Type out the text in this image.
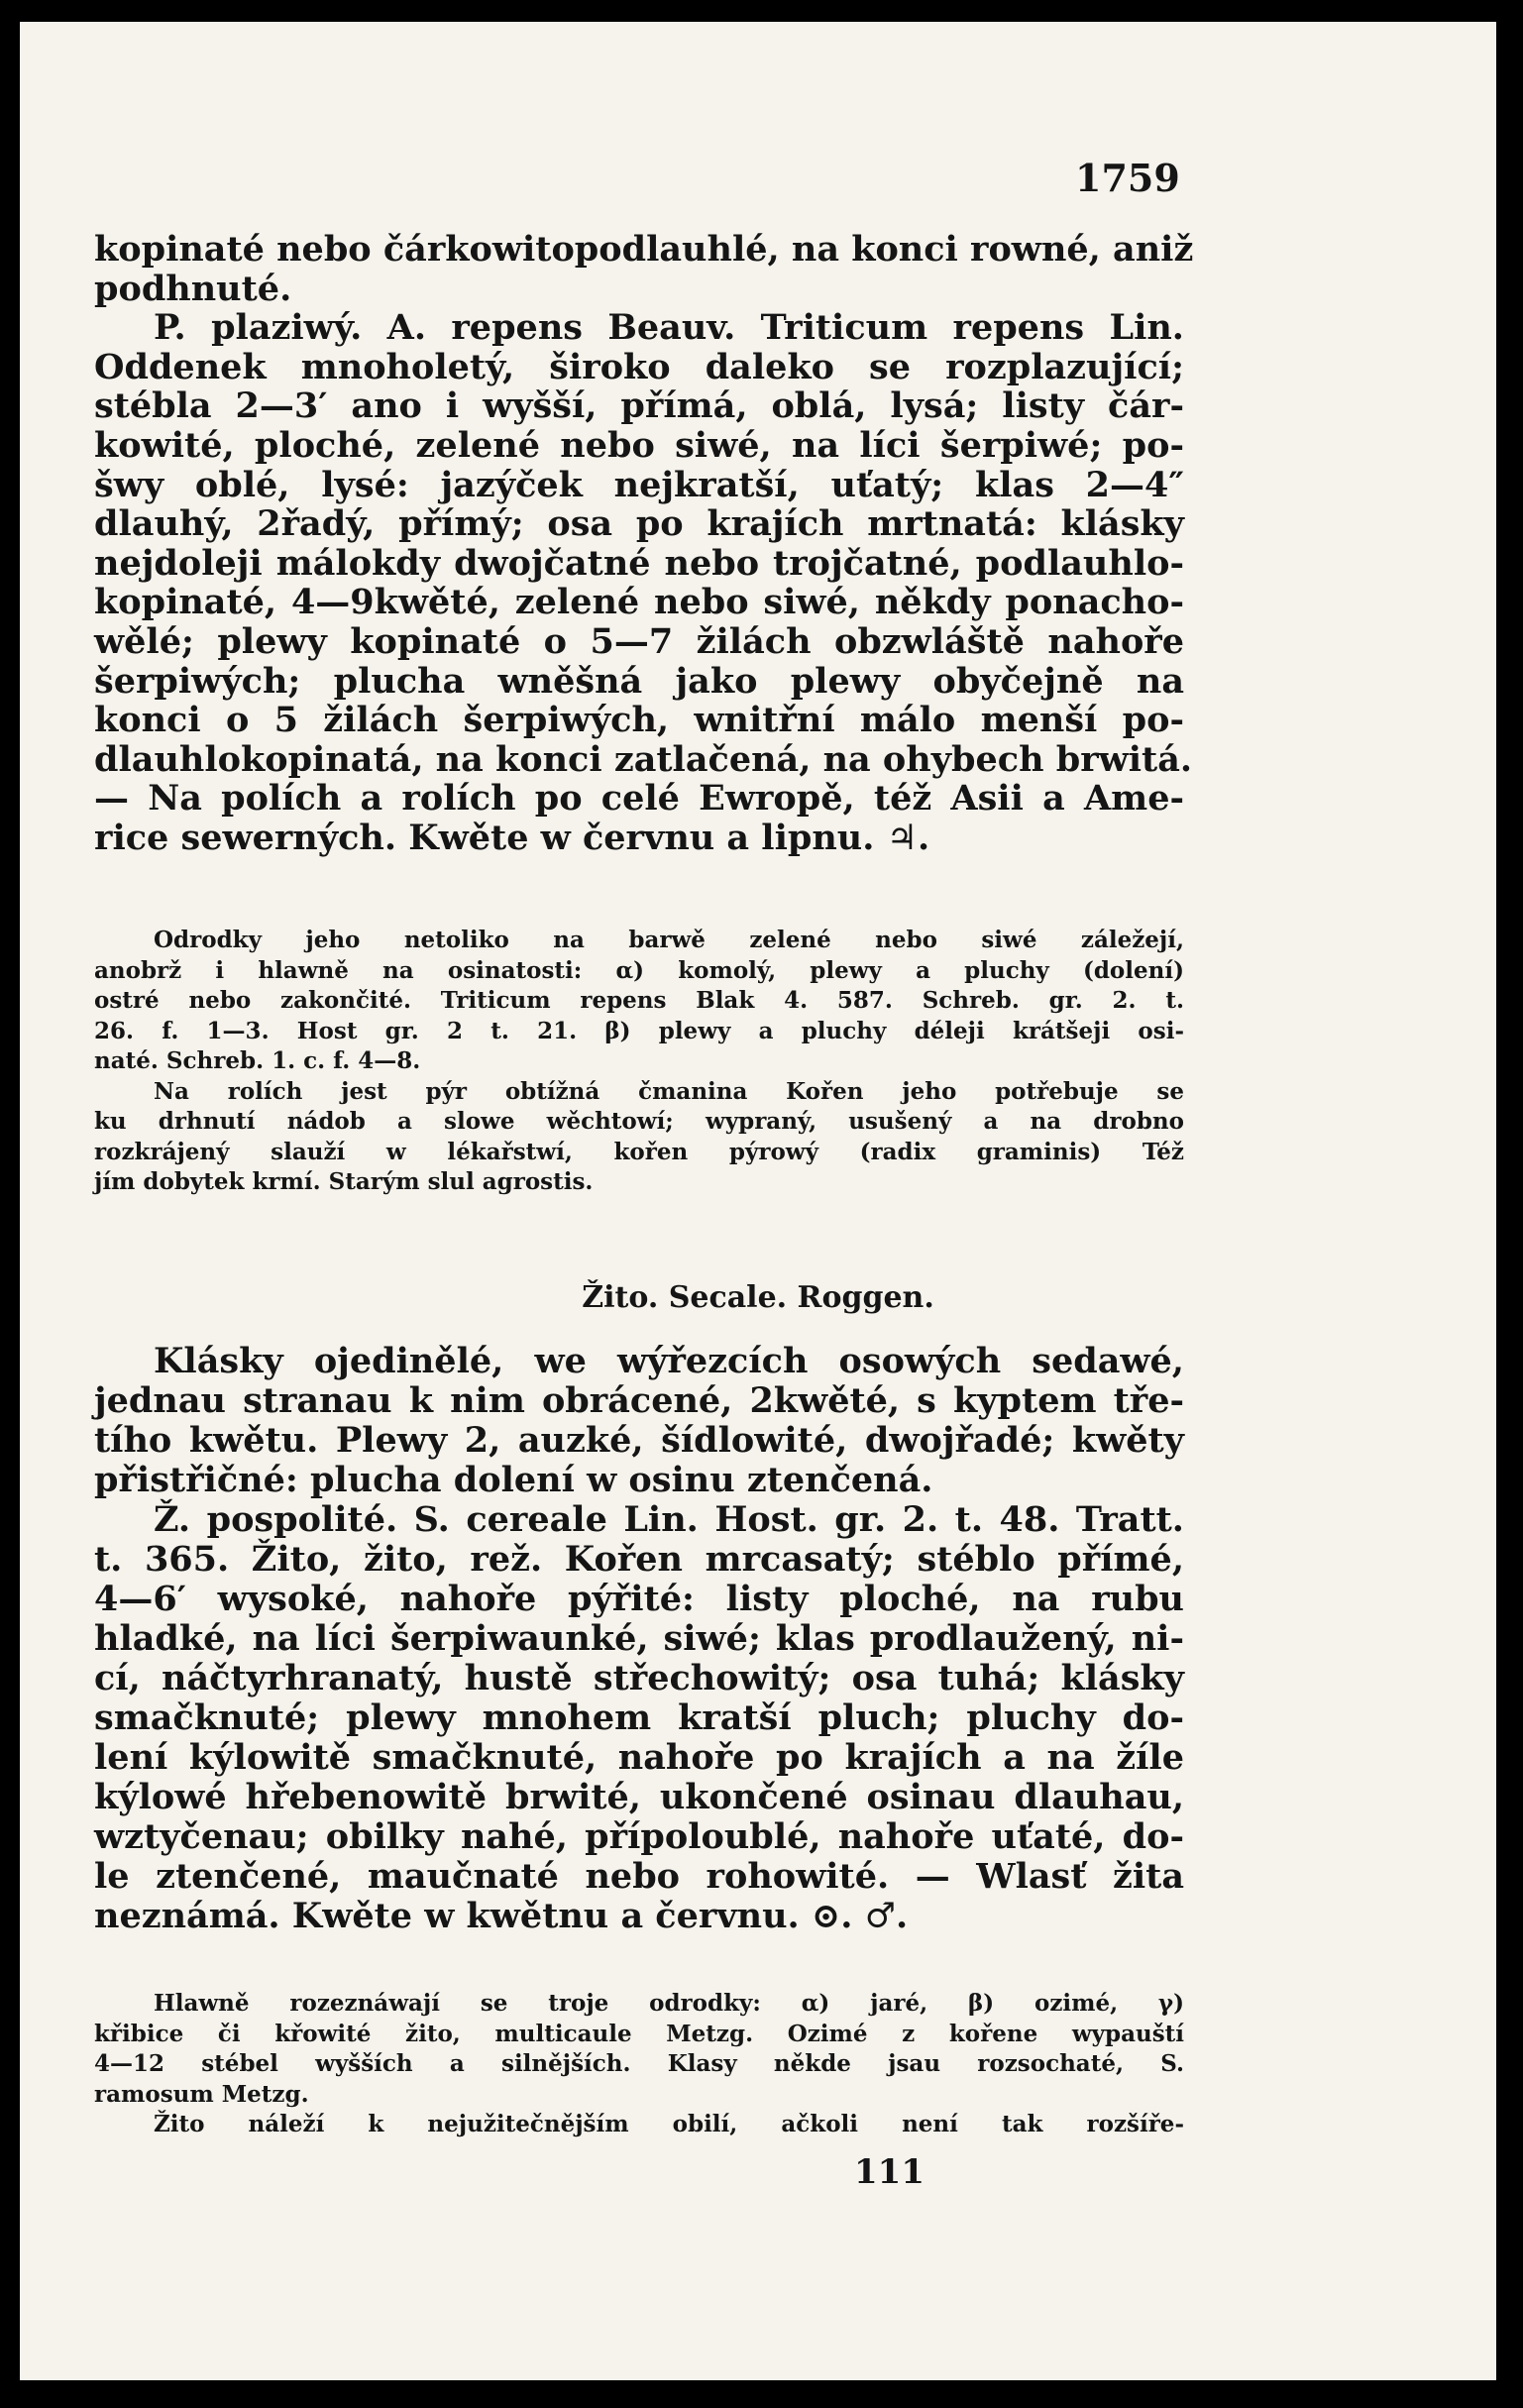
1759
kopinaté nebo čárkowitopodlauhlé, na konci rowné, aniž
podhnuté.
P. plaziwý. A. repens Beauv. Triticum repens Lin.
Oddenek mnoholetý, široko daleko se rozplazující;
stébla 2—3′ ano i wyšší, přímá, oblá, lysá; listy čár-
kowité, ploché, zelené nebo siwé, na líci šerpiwé; po-
šwy oblé, lysé: jazýček nejkratší, uťatý; klas 2—4″
dlauhý, 2řadý, přímý; osa po krajích mrtnatá: klásky
nejdoleji málokdy dwojčatné nebo trojčatné, podlauhlo-
kopinaté, 4—9kwěté, zelené nebo siwé, někdy ponacho-
wělé; plewy kopinaté o 5—7 žilách obzwláště nahoře
šerpiwých; plucha wněšná jako plewy obyčejně na
konci o 5 žilách šerpiwých, wnitřní málo menší po-
dlauhlokopinatá, na konci zatlačená, na ohybech brwitá.
— Na polích a rolích po celé Ewropě, též Asii a Ame-
rice sewerných. Kwěte w červnu a lipnu. ♃.
Odrodky jeho netoliko na barwě zelené nebo siwé záležejí,
anobrž i hlawně na osinatosti: α) komolý, plewy a pluchy (dolení)
ostré nebo zakončité. Triticum repens Blak 4. 587. Schreb. gr. 2. t.
26. f. 1—3. Host gr. 2 t. 21. β) plewy a pluchy déleji krátšeji osi-
naté. Schreb. 1. c. f. 4—8.
Na rolích jest pýr obtížná čmanina Kořen jeho potřebuje se
ku drhnutí nádob a slowe wěchtowí; wypraný, usušený a na drobno
rozkrájený slauží w lékařstwí, kořen pýrowý (radix graminis) Též
jím dobytek krmí. Starým slul agrostis.
Žito. Secale. Roggen.
Klásky ojedinělé, we wýřezcích osowých sedawé,
jednau stranau k nim obrácené, 2kwěté, s kyptem tře-
tího kwětu. Plewy 2, auzké, šídlowité, dwojřadé; kwěty
přistřičné: plucha dolení w osinu ztenčená.
Ž. pospolité. S. cereale Lin. Host. gr. 2. t. 48. Tratt.
t. 365. Žito, žito, rež. Kořen mrcasatý; stéblo přímé,
4—6′ wysoké, nahoře pýřité: listy ploché, na rubu
hladké, na líci šerpiwaunké, siwé; klas prodlaužený, ni-
cí, náčtyrhranatý, hustě střechowitý; osa tuhá; klásky
smačknuté; plewy mnohem kratší pluch; pluchy do-
lení kýlowitě smačknuté, nahoře po krajích a na žíle
kýlowé hřebenowitě brwité, ukončené osinau dlauhau,
wztyčenau; obilky nahé, přípoloublé, nahoře uťaté, do-
le ztenčené, maučnaté nebo rohowité. — Wlasť žita
neznámá. Kwěte w kwětnu a červnu. ⊙. ♂.
Hlawně rozeznáwají se troje odrodky: α) jaré, β) ozimé, γ)
křibice či křowité žito, multicaule Metzg. Ozimé z kořene wypauští
4—12 stébel wyšších a silnějších. Klasy někde jsau rozsochaté, S.
ramosum Metzg.
Žito náleží k nejužitečnějším obilí, ačkoli není tak rozšíře-
111
